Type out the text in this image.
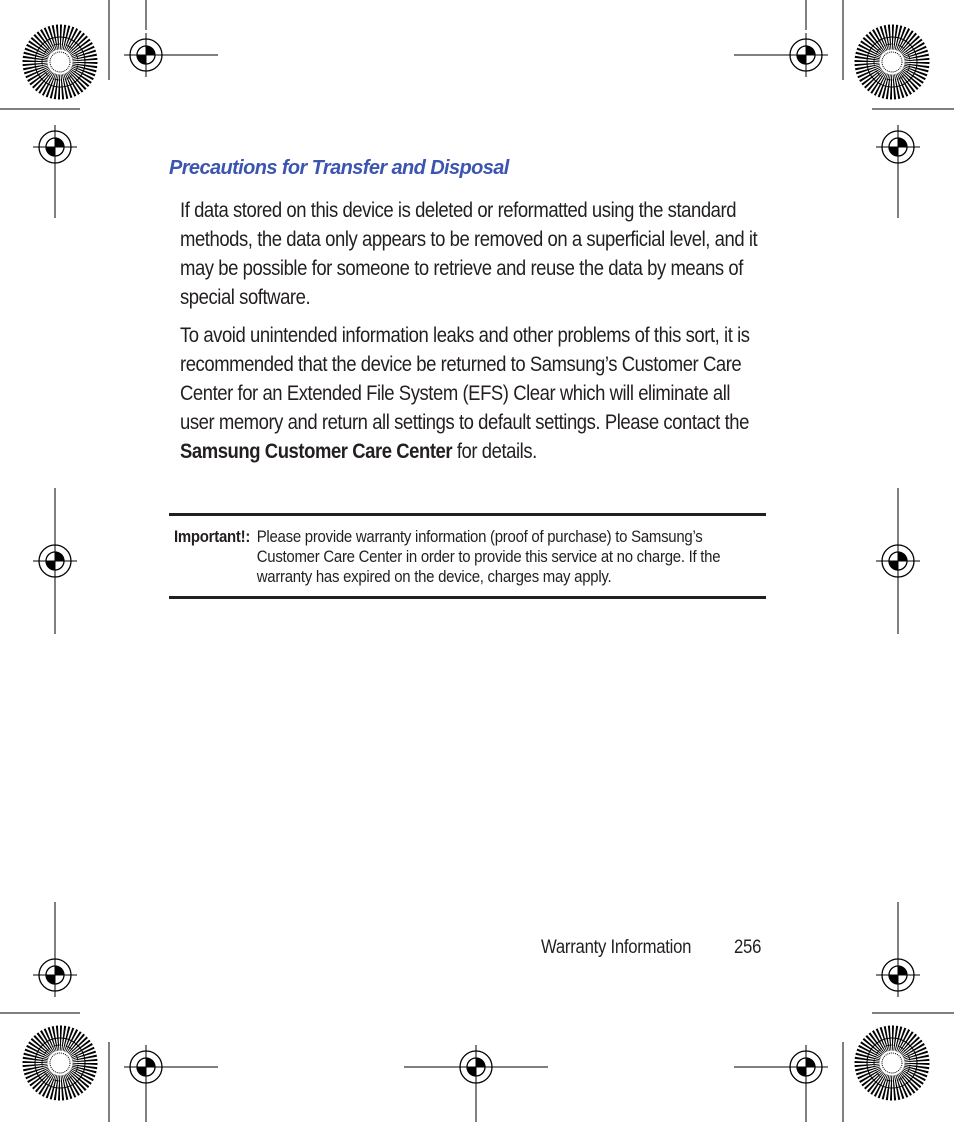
Precautions for Transfer and Disposal

If data stored on this device is deleted or reformatted using the standard methods, the data only appears to be removed on a superficial level, and it may be possible for someone to retrieve and reuse the data by means of special software.

To avoid unintended information leaks and other problems of this sort, it is recommended that the device be returned to Samsung’s Customer Care Center for an Extended File System (EFS) Clear which will eliminate all user memory and return all settings to default settings. Please contact the Samsung Customer Care Center for details.

Important!: Please provide warranty information (proof of purchase) to Samsung’s Customer Care Center in order to provide this service at no charge. If the warranty has expired on the device, charges may apply.
Warranty Information 256
